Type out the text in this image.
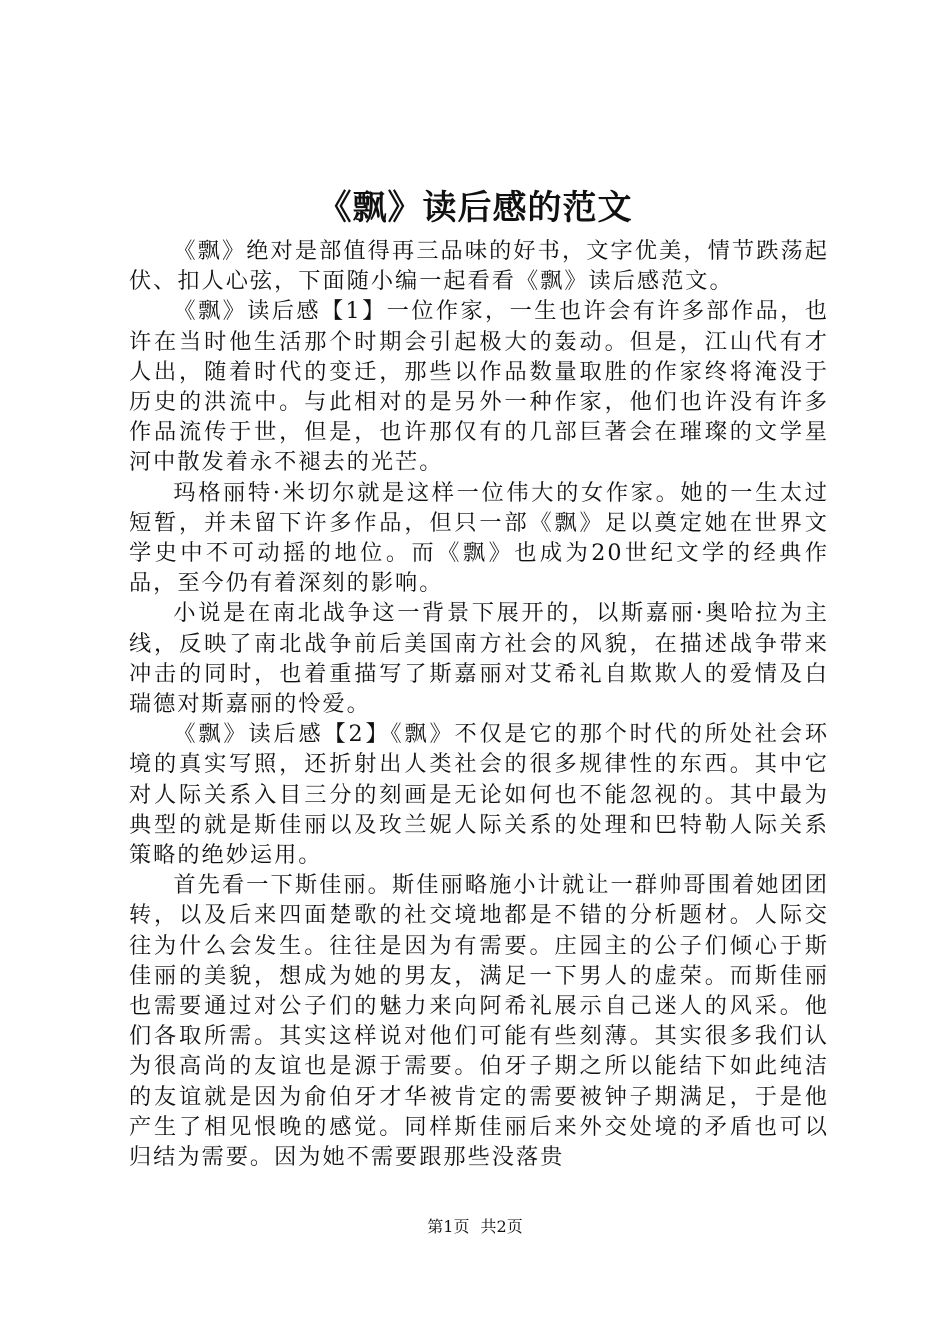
《飘》读后感的范文

《飘》绝对是部值得再三品味的好书，文字优美，情节跌荡起伏、扣人心弦，下面随小编一起看看《飘》读后感范文。

《飘》读后感【1】一位作家，一生也许会有许多部作品，也许在当时他生活那个时期会引起极大的轰动。但是，江山代有才人出，随着时代的变迁，那些以作品数量取胜的作家终将淹没于历史的洪流中。与此相对的是另外一种作家，他们也许没有许多作品流传于世，但是，也许那仅有的几部巨著会在璀璨的文学星河中散发着永不褪去的光芒。

玛格丽特·米切尔就是这样一位伟大的女作家。她的一生太过短暂，并未留下许多作品，但只一部《飘》足以奠定她在世界文学史中不可动摇的地位。而《飘》也成为20世纪文学的经典作品，至今仍有着深刻的影响。

小说是在南北战争这一背景下展开的，以斯嘉丽·奥哈拉为主线，反映了南北战争前后美国南方社会的风貌，在描述战争带来冲击的同时，也着重描写了斯嘉丽对艾希礼自欺欺人的爱情及白瑞德对斯嘉丽的怜爱。

《飘》读后感【2】《飘》不仅是它的那个时代的所处社会环境的真实写照，还折射出人类社会的很多规律性的东西。其中它对人际关系入目三分的刻画是无论如何也不能忽视的。其中最为典型的就是斯佳丽以及玫兰妮人际关系的处理和巴特勒人际关系策略的绝妙运用。

首先看一下斯佳丽。斯佳丽略施小计就让一群帅哥围着她团团转，以及后来四面楚歌的社交境地都是不错的分析题材。人际交往为什么会发生。往往是因为有需要。庄园主的公子们倾心于斯佳丽的美貌，想成为她的男友，满足一下男人的虚荣。而斯佳丽也需要通过对公子们的魅力来向阿希礼展示自己迷人的风采。他们各取所需。其实这样说对他们可能有些刻薄。其实很多我们认为很高尚的友谊也是源于需要。伯牙子期之所以能结下如此纯洁的友谊就是因为俞伯牙才华被肯定的需要被钟子期满足，于是他产生了相见恨晚的感觉。同样斯佳丽后来外交处境的矛盾也可以归结为需要。因为她不需要跟那些没落贵

第1页 共2页
